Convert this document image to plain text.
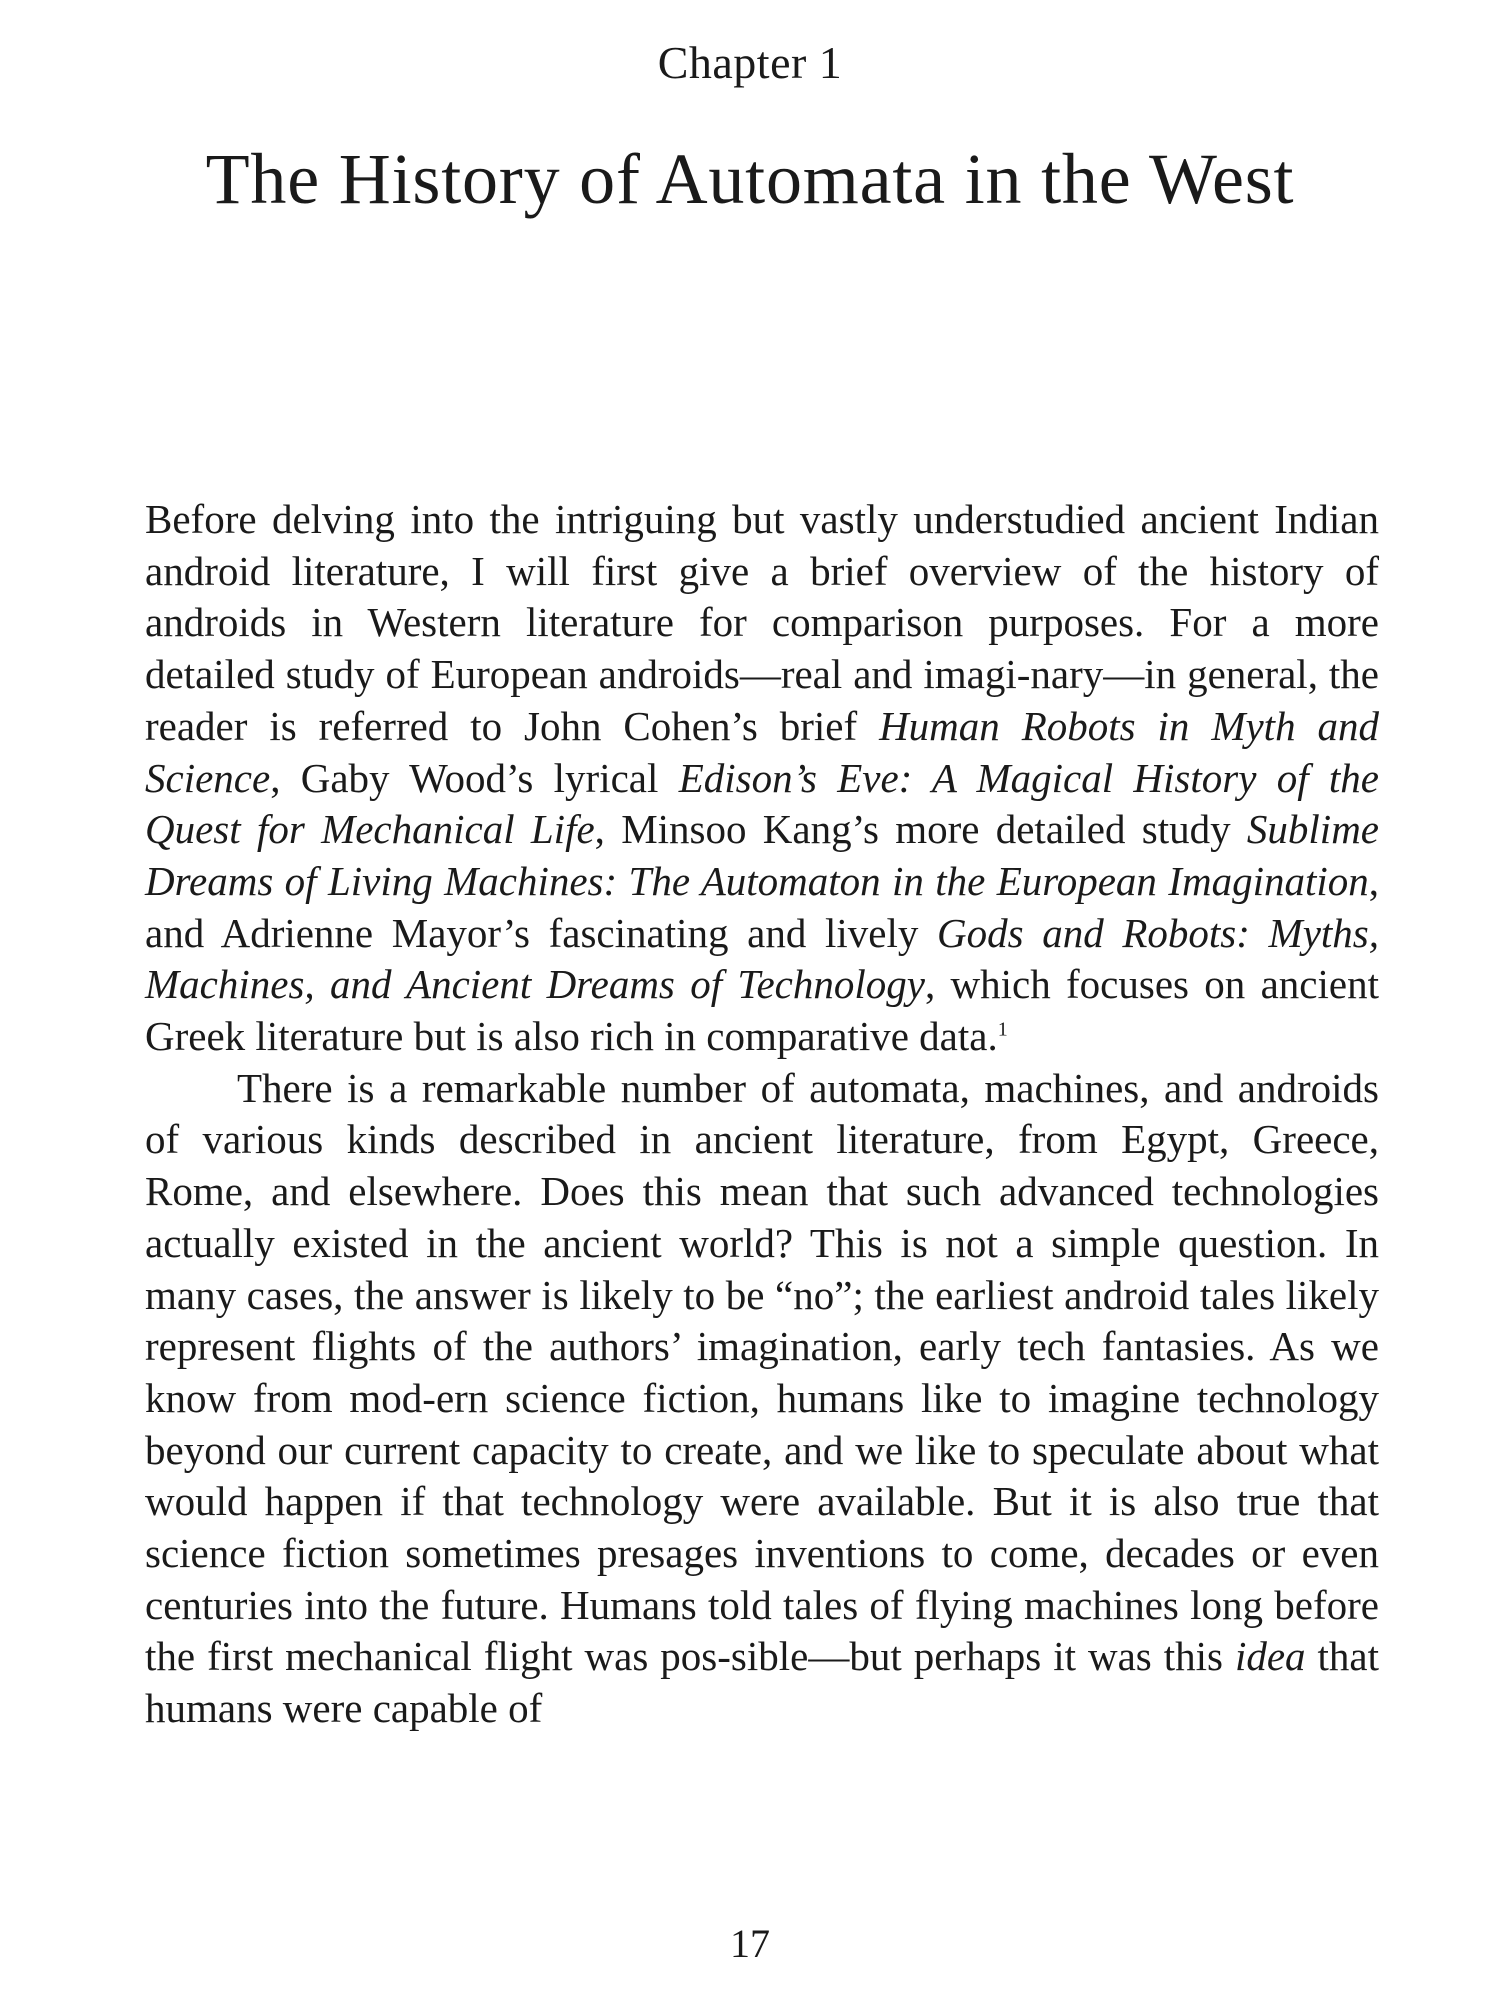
Chapter 1
The History of Automata in the West

Before delving into the intriguing but vastly understudied ancient Indian android literature, I will first give a brief overview of the history of androids in Western literature for comparison purposes. For a more detailed study of European androids—real and imagi-nary—in general, the reader is referred to John Cohen’s brief Human Robots in Myth and Science, Gaby Wood’s lyrical Edison’s Eve: A Magical History of the Quest for Mechanical Life, Minsoo Kang’s more detailed study Sublime Dreams of Living Machines: The Automaton in the European Imagination, and Adrienne Mayor’s fascinating and lively Gods and Robots: Myths, Machines, and Ancient Dreams of Technology, which focuses on ancient Greek literature but is also rich in comparative data.$^1$

There is a remarkable number of automata, machines, and androids of various kinds described in ancient literature, from Egypt, Greece, Rome, and elsewhere. Does this mean that such advanced technologies actually existed in the ancient world? This is not a simple question. In many cases, the answer is likely to be “no”; the earliest android tales likely represent flights of the authors’ imagination, early tech fantasies. As we know from mod-ern science fiction, humans like to imagine technology beyond our current capacity to create, and we like to speculate about what would happen if that technology were available. But it is also true that science fiction sometimes presages inventions to come, decades or even centuries into the future. Humans told tales of flying machines long before the first mechanical flight was pos-sible—but perhaps it was this idea that humans were capable of

17
